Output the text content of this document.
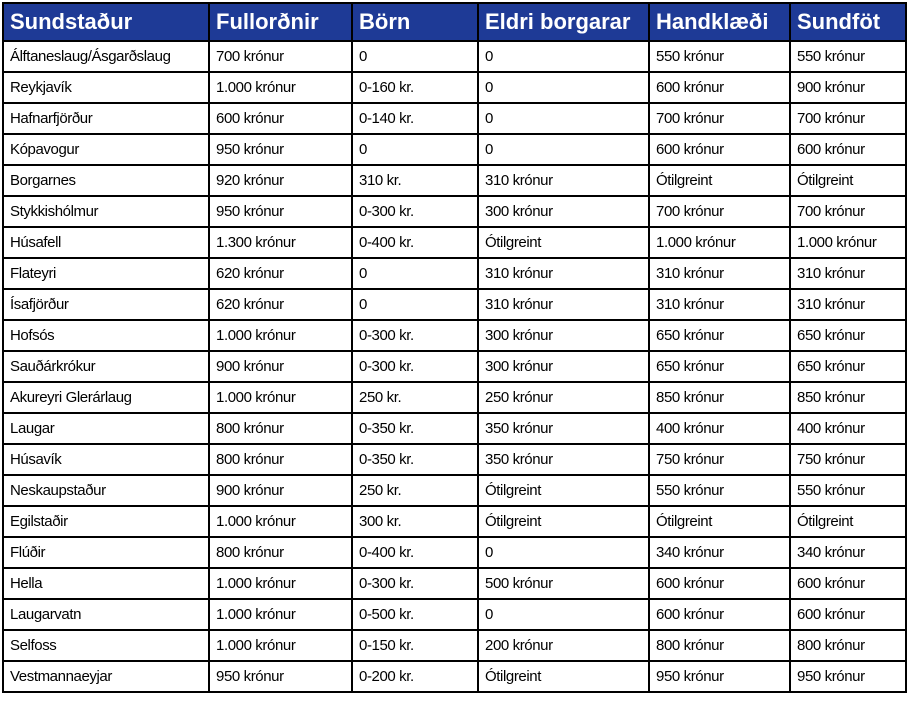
Sundstaður	Fullorðnir	Börn	Eldri borgarar	Handklæði	Sundföt
Álftaneslaug/Ásgarðslaug	700 krónur	0	0	550 krónur	550 krónur
Reykjavík	1.000 krónur	0-160 kr.	0	600 krónur	900 krónur
Hafnarfjörður	600 krónur	0-140 kr.	0	700 krónur	700 krónur
Kópavogur	950 krónur	0	0	600 krónur	600 krónur
Borgarnes	920 krónur	310 kr.	310 krónur	Ótilgreint	Ótilgreint
Stykkishólmur	950 krónur	0-300 kr.	300 krónur	700 krónur	700 krónur
Húsafell	1.300 krónur	0-400 kr.	Ótilgreint	1.000 krónur	1.000 krónur
Flateyri	620 krónur	0	310 krónur	310 krónur	310 krónur
Ísafjörður	620 krónur	0	310 krónur	310 krónur	310 krónur
Hofsós	1.000 krónur	0-300 kr.	300 krónur	650 krónur	650 krónur
Sauðárkrókur	900 krónur	0-300 kr.	300 krónur	650 krónur	650 krónur
Akureyri Glerárlaug	1.000 krónur	250 kr.	250 krónur	850 krónur	850 krónur
Laugar	800 krónur	0-350 kr.	350 krónur	400 krónur	400 krónur
Húsavík	800 krónur	0-350 kr.	350 krónur	750 krónur	750 krónur
Neskaupstaður	900 krónur	250 kr.	Ótilgreint	550 krónur	550 krónur
Egilstaðir	1.000 krónur	300 kr.	Ótilgreint	Ótilgreint	Ótilgreint
Flúðir	800 krónur	0-400 kr.	0	340 krónur	340 krónur
Hella	1.000 krónur	0-300 kr.	500 krónur	600 krónur	600 krónur
Laugarvatn	1.000 krónur	0-500 kr.	0	600 krónur	600 krónur
Selfoss	1.000 krónur	0-150 kr.	200 krónur	800 krónur	800 krónur
Vestmannaeyjar	950 krónur	0-200 kr.	Ótilgreint	950 krónur	950 krónur
